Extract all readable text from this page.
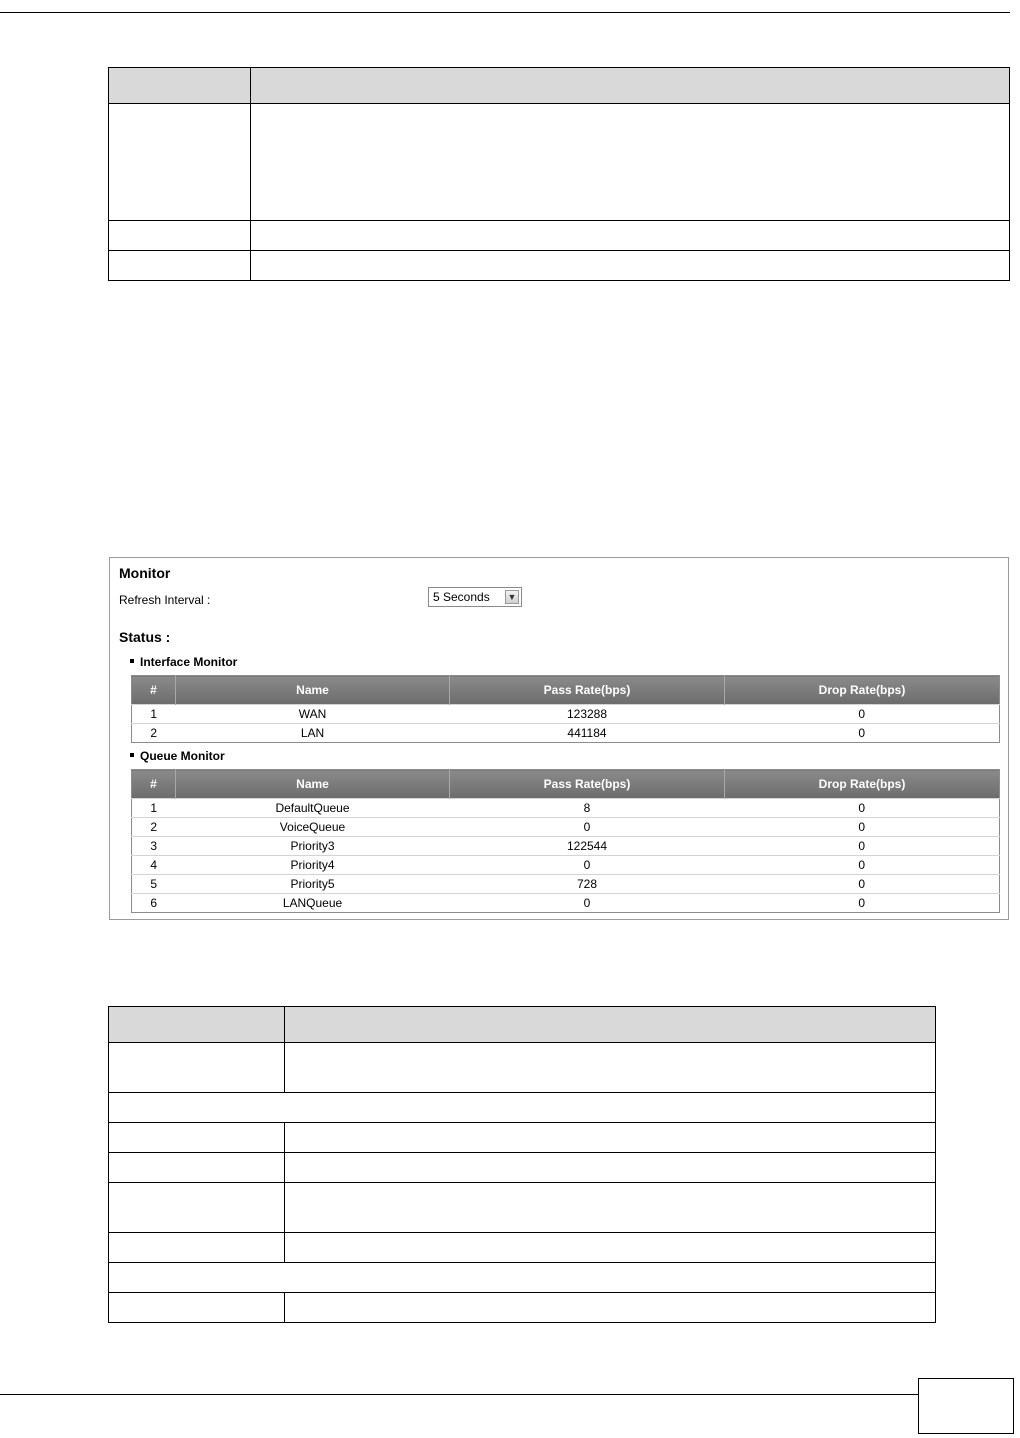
Monitor
Refresh Interval :	5 Seconds ▼
Status :
Interface Monitor
#	Name	Pass Rate(bps)	Drop Rate(bps)
1	WAN	123288	0
2	LAN	441184	0
Queue Monitor
#	Name	Pass Rate(bps)	Drop Rate(bps)
1	DefaultQueue	8	0
2	VoiceQueue	0	0
3	Priority3	122544	0
4	Priority4	0	0
5	Priority5	728	0
6	LANQueue	0	0
